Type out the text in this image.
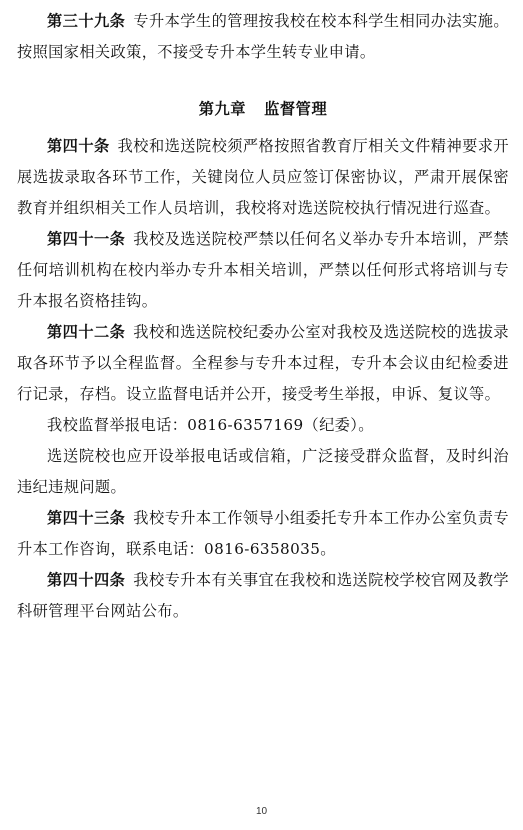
第三十九条 专升本学生的管理按我校在校本科学生相同办法实施。按照国家相关政策，不接受专升本学生转专业申请。

第九章 监督管理

第四十条 我校和选送院校须严格按照省教育厅相关文件精神要求开展选拔录取各环节工作，关键岗位人员应签订保密协议，严肃开展保密教育并组织相关工作人员培训，我校将对选送院校执行情况进行巡查。

第四十一条 我校及选送院校严禁以任何名义举办专升本培训，严禁任何培训机构在校内举办专升本相关培训，严禁以任何形式将培训与专升本报名资格挂钩。

第四十二条 我校和选送院校纪委办公室对我校及选送院校的选拔录取各环节予以全程监督。全程参与专升本过程，专升本会议由纪检委进行记录，存档。设立监督电话并公开，接受考生举报，申诉、复议等。

我校监督举报电话：0816-6357169（纪委）。

选送院校也应开设举报电话或信箱，广泛接受群众监督，及时纠治违纪违规问题。

第四十三条 我校专升本工作领导小组委托专升本工作办公室负责专升本工作咨询，联系电话：0816-6358035。

第四十四条 我校专升本有关事宜在我校和选送院校学校官网及教学科研管理平台网站公布。

10
